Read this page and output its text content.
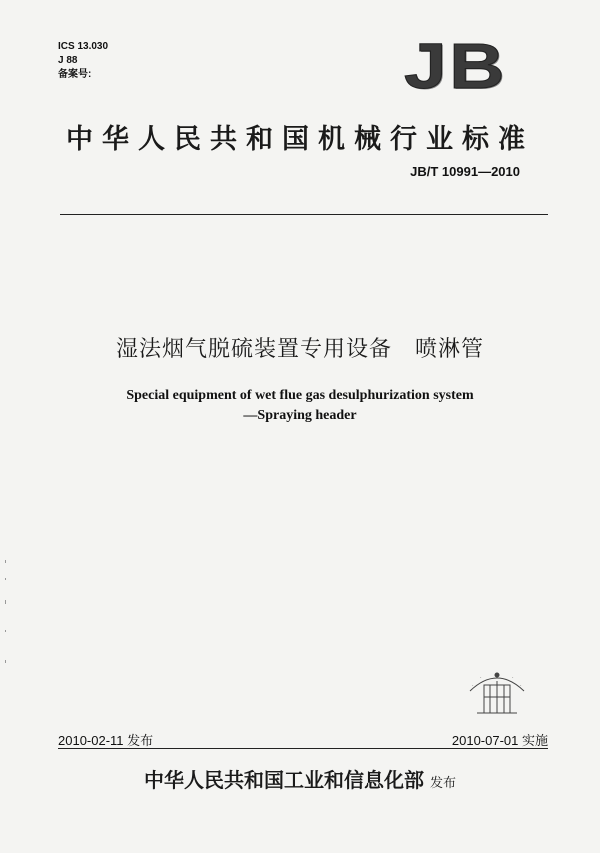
ICS 13.030
J 88
备案号:	JB
中华人民共和国机械行业标准
JB/T 10991—2010
湿法烟气脱硫装置专用设备　喷淋管
Special equipment of wet flue gas desulphurization system
—Spraying header
·
·	·
·
2010-02-11 发布	2010-07-01 实施
中华人民共和国工业和信息化部 发布
